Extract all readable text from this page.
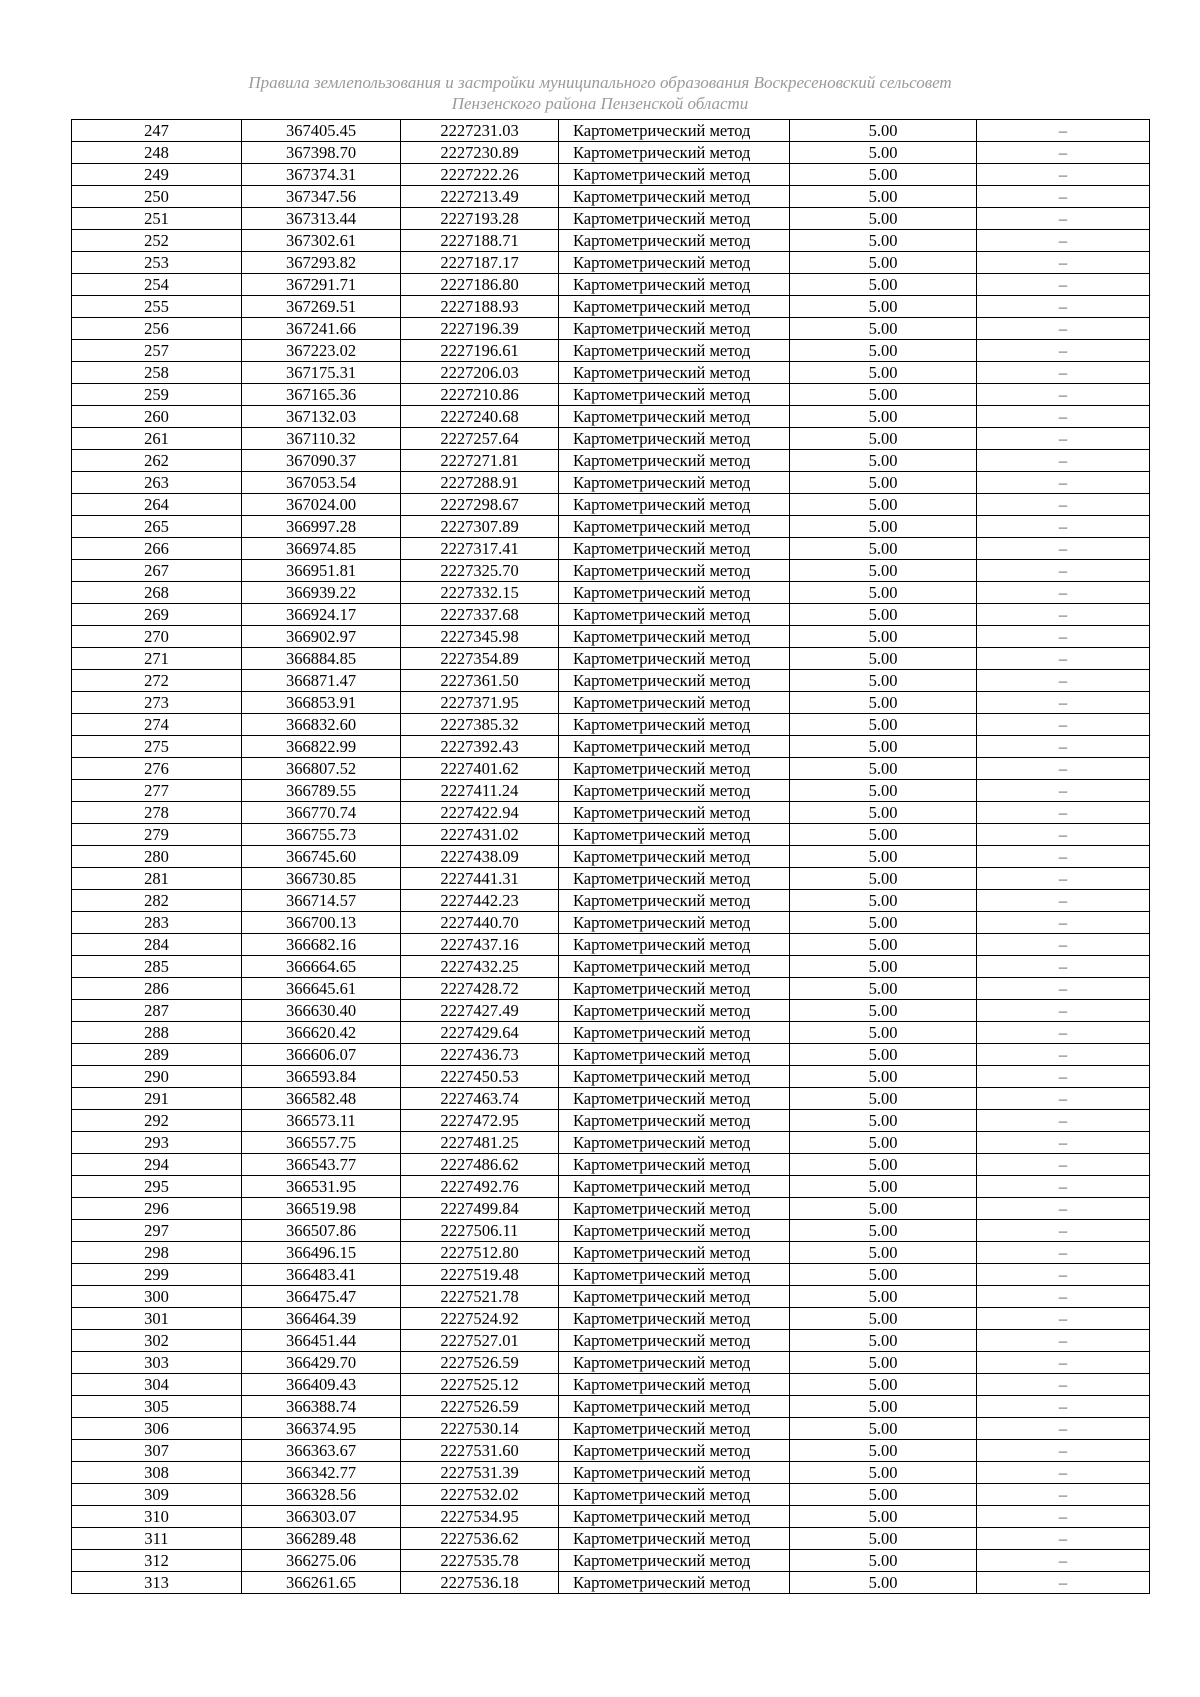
Правила землепользования и застройки муниципального образования Воскресеновский сельсовет
Пензенского района Пензенской области
247	367405.45	2227231.03	Картометрический метод	5.00	–
248	367398.70	2227230.89	Картометрический метод	5.00	–
249	367374.31	2227222.26	Картометрический метод	5.00	–
250	367347.56	2227213.49	Картометрический метод	5.00	–
251	367313.44	2227193.28	Картометрический метод	5.00	–
252	367302.61	2227188.71	Картометрический метод	5.00	–
253	367293.82	2227187.17	Картометрический метод	5.00	–
254	367291.71	2227186.80	Картометрический метод	5.00	–
255	367269.51	2227188.93	Картометрический метод	5.00	–
256	367241.66	2227196.39	Картометрический метод	5.00	–
257	367223.02	2227196.61	Картометрический метод	5.00	–
258	367175.31	2227206.03	Картометрический метод	5.00	–
259	367165.36	2227210.86	Картометрический метод	5.00	–
260	367132.03	2227240.68	Картометрический метод	5.00	–
261	367110.32	2227257.64	Картометрический метод	5.00	–
262	367090.37	2227271.81	Картометрический метод	5.00	–
263	367053.54	2227288.91	Картометрический метод	5.00	–
264	367024.00	2227298.67	Картометрический метод	5.00	–
265	366997.28	2227307.89	Картометрический метод	5.00	–
266	366974.85	2227317.41	Картометрический метод	5.00	–
267	366951.81	2227325.70	Картометрический метод	5.00	–
268	366939.22	2227332.15	Картометрический метод	5.00	–
269	366924.17	2227337.68	Картометрический метод	5.00	–
270	366902.97	2227345.98	Картометрический метод	5.00	–
271	366884.85	2227354.89	Картометрический метод	5.00	–
272	366871.47	2227361.50	Картометрический метод	5.00	–
273	366853.91	2227371.95	Картометрический метод	5.00	–
274	366832.60	2227385.32	Картометрический метод	5.00	–
275	366822.99	2227392.43	Картометрический метод	5.00	–
276	366807.52	2227401.62	Картометрический метод	5.00	–
277	366789.55	2227411.24	Картометрический метод	5.00	–
278	366770.74	2227422.94	Картометрический метод	5.00	–
279	366755.73	2227431.02	Картометрический метод	5.00	–
280	366745.60	2227438.09	Картометрический метод	5.00	–
281	366730.85	2227441.31	Картометрический метод	5.00	–
282	366714.57	2227442.23	Картометрический метод	5.00	–
283	366700.13	2227440.70	Картометрический метод	5.00	–
284	366682.16	2227437.16	Картометрический метод	5.00	–
285	366664.65	2227432.25	Картометрический метод	5.00	–
286	366645.61	2227428.72	Картометрический метод	5.00	–
287	366630.40	2227427.49	Картометрический метод	5.00	–
288	366620.42	2227429.64	Картометрический метод	5.00	–
289	366606.07	2227436.73	Картометрический метод	5.00	–
290	366593.84	2227450.53	Картометрический метод	5.00	–
291	366582.48	2227463.74	Картометрический метод	5.00	–
292	366573.11	2227472.95	Картометрический метод	5.00	–
293	366557.75	2227481.25	Картометрический метод	5.00	–
294	366543.77	2227486.62	Картометрический метод	5.00	–
295	366531.95	2227492.76	Картометрический метод	5.00	–
296	366519.98	2227499.84	Картометрический метод	5.00	–
297	366507.86	2227506.11	Картометрический метод	5.00	–
298	366496.15	2227512.80	Картометрический метод	5.00	–
299	366483.41	2227519.48	Картометрический метод	5.00	–
300	366475.47	2227521.78	Картометрический метод	5.00	–
301	366464.39	2227524.92	Картометрический метод	5.00	–
302	366451.44	2227527.01	Картометрический метод	5.00	–
303	366429.70	2227526.59	Картометрический метод	5.00	–
304	366409.43	2227525.12	Картометрический метод	5.00	–
305	366388.74	2227526.59	Картометрический метод	5.00	–
306	366374.95	2227530.14	Картометрический метод	5.00	–
307	366363.67	2227531.60	Картометрический метод	5.00	–
308	366342.77	2227531.39	Картометрический метод	5.00	–
309	366328.56	2227532.02	Картометрический метод	5.00	–
310	366303.07	2227534.95	Картометрический метод	5.00	–
311	366289.48	2227536.62	Картометрический метод	5.00	–
312	366275.06	2227535.78	Картометрический метод	5.00	–
313	366261.65	2227536.18	Картометрический метод	5.00	–
